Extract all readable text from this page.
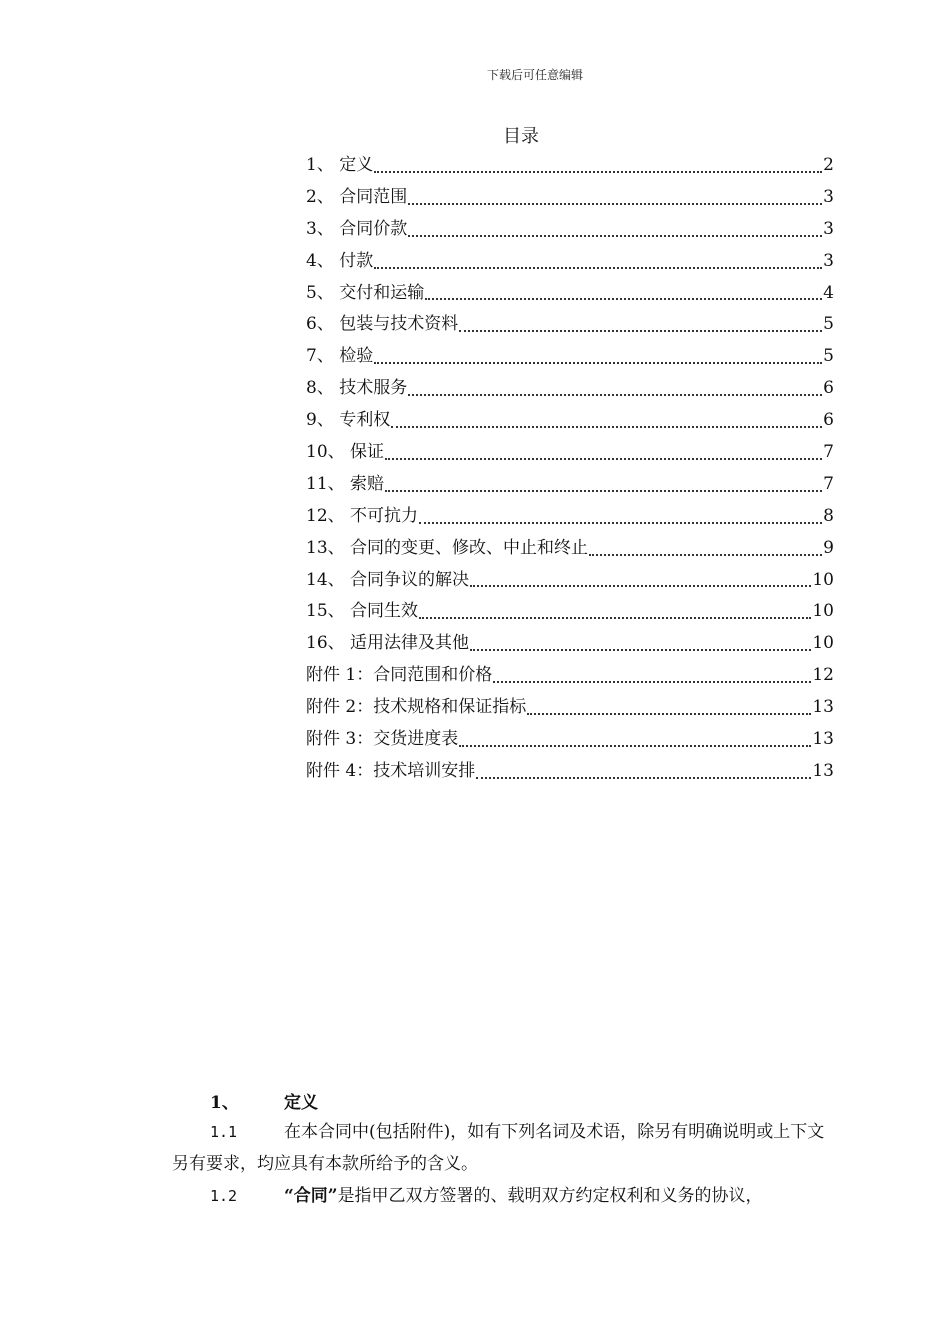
下载后可任意编辑
目录
1、 定义	2
2、 合同范围	3
3、 合同价款	3
4、 付款	3
5、 交付和运输	4
6、 包装与技术资料	5
7、 检验	5
8、 技术服务	6
9、 专利权	6
10、 保证	7
11、 索赔	7
12、 不可抗力	8
13、 合同的变更、修改、中止和终止	9
14、 合同争议的解决	10
15、 合同生效	10
16、 适用法律及其他	10
附件 1：合同范围和价格	12
附件 2：技术规格和保证指标	13
附件 3：交货进度表	13
附件 4：技术培训安排	13
1、	定义
1.1	在本合同中(包括附件)，如有下列名词及术语，除另有明确说明或上下文另有要求，均应具有本款所给予的含义。
1.2	“合同”是指甲乙双方签署的、载明双方约定权利和义务的协议，
